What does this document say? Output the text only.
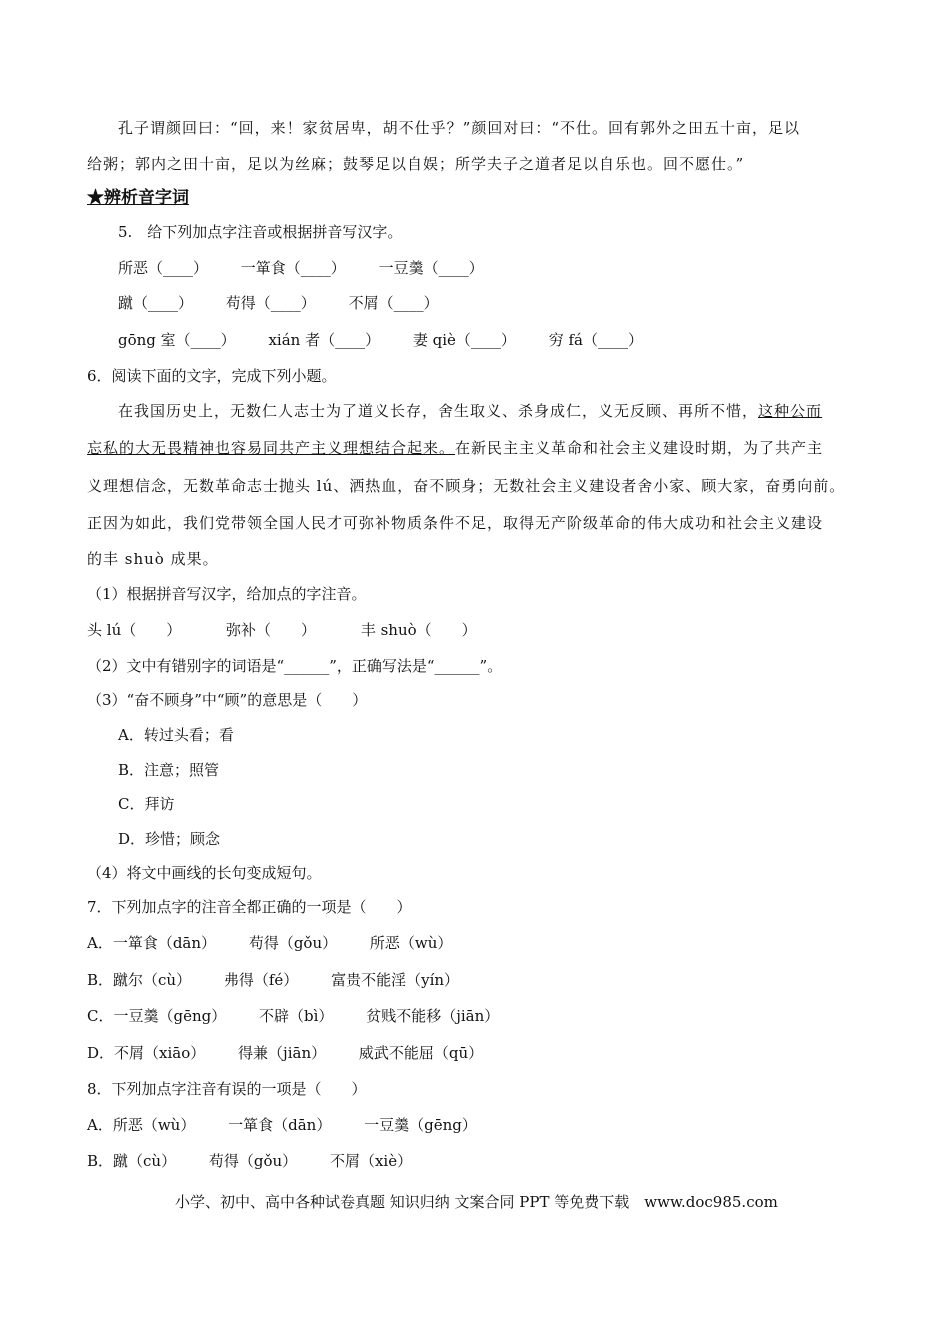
孔子谓颜回曰：“回，来！家贫居卑，胡不仕乎？”颜回对曰：“不仕。回有郭外之田五十亩，足以
给粥；郭内之田十亩，足以为丝麻；鼓琴足以自娱；所学夫子之道者足以自乐也。回不愿仕。”
★辨析音字词
5.　给下列加点字注音或根据拼音写汉字。
所恶（____） 一箪食（____） 一豆羹（____）
蹴（____） 苟得（____） 不屑（____）
gōng 室（____） xián 者（____） 妻 qiè（____） 穷 fá（____）
6．阅读下面的文字，完成下列小题。
在我国历史上，无数仁人志士为了道义长存，舍生取义、杀身成仁，义无反顾、再所不惜，这种公而
忘私的大无畏精神也容易同共产主义理想结合起来。在新民主主义革命和社会主义建设时期，为了共产主
义理想信念，无数革命志士抛头 lú、洒热血，奋不顾身；无数社会主义建设者舍小家、顾大家，奋勇向前。
正因为如此，我们党带领全国人民才可弥补物质条件不足，取得无产阶级革命的伟大成功和社会主义建设
的丰 shuò 成果。
（1）根据拼音写汉字，给加点的字注音。
头 lú（　　）	弥补（　　）	丰 shuò（　　）
（2）文中有错别字的词语是“______”，正确写法是“______”。
（3）“奋不顾身”中“顾”的意思是（　　）
A．转过头看；看
B．注意；照管
C．拜访
D．珍惜；顾念
（4）将文中画线的长句变成短句。
7．下列加点字的注音全都正确的一项是（　　）
A．一箪食（dān） 苟得（gǒu） 所恶（wù）
B．蹴尔（cù） 弗得（fé） 富贵不能淫（yín）
C．一豆羹（gēng） 不辟（bì） 贫贱不能移（jiān）
D．不屑（xiāo） 得兼（jiān） 威武不能屈（qū）
8．下列加点字注音有误的一项是（　　）
A．所恶（wù） 一箪食（dān） 一豆羹（gēng）
B．蹴（cù） 苟得（gǒu） 不屑（xiè）
小学、初中、高中各种试卷真题 知识归纳 文案合同 PPT 等免费下载　www.doc985.com
